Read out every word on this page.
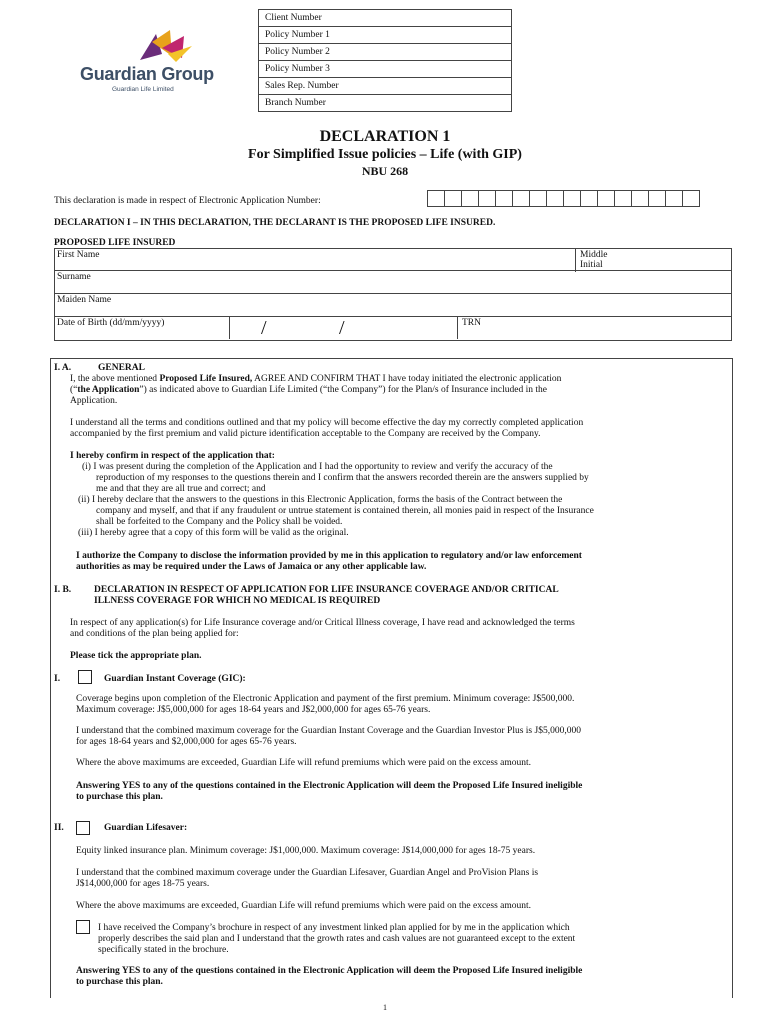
Guardian Group
Guardian Life Limited
Client Number
Policy Number 1
Policy Number 2
Policy Number 3
Sales Rep. Number
Branch Number
DECLARATION 1
For Simplified Issue policies – Life (with GIP)
NBU 268
This declaration is made in respect of Electronic Application Number:
DECLARATION I – IN THIS DECLARATION, THE DECLARANT IS THE PROPOSED LIFE INSURED.
PROPOSED LIFE INSURED
First Name	Middle
Initial
Surname
Maiden Name
Date of Birth (dd/mm/yyyy)	/	/	TRN
I. A.	GENERAL
I, the above mentioned Proposed Life Insured, AGREE AND CONFIRM THAT I have today initiated the electronic application
(“the Application”) as indicated above to Guardian Life Limited (“the Company”) for the Plan/s of Insurance included in the
Application.
I understand all the terms and conditions outlined and that my policy will become effective the day my correctly completed application
accompanied by the first premium and valid picture identification acceptable to the Company are received by the Company.
I hereby confirm in respect of the application that:
(i) I was present during the completion of the Application and I had the opportunity to review and verify the accuracy of the
reproduction of my responses to the questions therein and I confirm that the answers recorded therein are the answers supplied by
me and that they are all true and correct; and
(ii) I hereby declare that the answers to the questions in this Electronic Application, forms the basis of the Contract between the
company and myself, and that if any fraudulent or untrue statement is contained therein, all monies paid in respect of the Insurance
shall be forfeited to the Company and the Policy shall be voided.
(iii) I hereby agree that a copy of this form will be valid as the original.
I authorize the Company to disclose the information provided by me in this application to regulatory and/or law enforcement
authorities as may be required under the Laws of Jamaica or any other applicable law.
I. B. DECLARATION IN RESPECT OF APPLICATION FOR LIFE INSURANCE COVERAGE AND/OR CRITICAL
ILLNESS COVERAGE FOR WHICH NO MEDICAL IS REQUIRED
In respect of any application(s) for Life Insurance coverage and/or Critical Illness coverage, I have read and acknowledged the terms
and conditions of the plan being applied for:
Please tick the appropriate plan.
I.	Guardian Instant Coverage (GIC):
Coverage begins upon completion of the Electronic Application and payment of the first premium. Minimum coverage: J$500,000.
Maximum coverage: J$5,000,000 for ages 18-64 years and J$2,000,000 for ages 65-76 years.
I understand that the combined maximum coverage for the Guardian Instant Coverage and the Guardian Investor Plus is J$5,000,000
for ages 18-64 years and $2,000,000 for ages 65-76 years.
Where the above maximums are exceeded, Guardian Life will refund premiums which were paid on the excess amount.
Answering YES to any of the questions contained in the Electronic Application will deem the Proposed Life Insured ineligible
to purchase this plan.
II.	Guardian Lifesaver:
Equity linked insurance plan. Minimum coverage: J$1,000,000. Maximum coverage: J$14,000,000 for ages 18-75 years.
I understand that the combined maximum coverage under the Guardian Lifesaver, Guardian Angel and ProVision Plans is
J$14,000,000 for ages 18-75 years.
Where the above maximums are exceeded, Guardian Life will refund premiums which were paid on the excess amount.
I have received the Company’s brochure in respect of any investment linked plan applied for by me in the application which
properly describes the said plan and I understand that the growth rates and cash values are not guaranteed except to the extent
specifically stated in the brochure.
Answering YES to any of the questions contained in the Electronic Application will deem the Proposed Life Insured ineligible
to purchase this plan.
1
